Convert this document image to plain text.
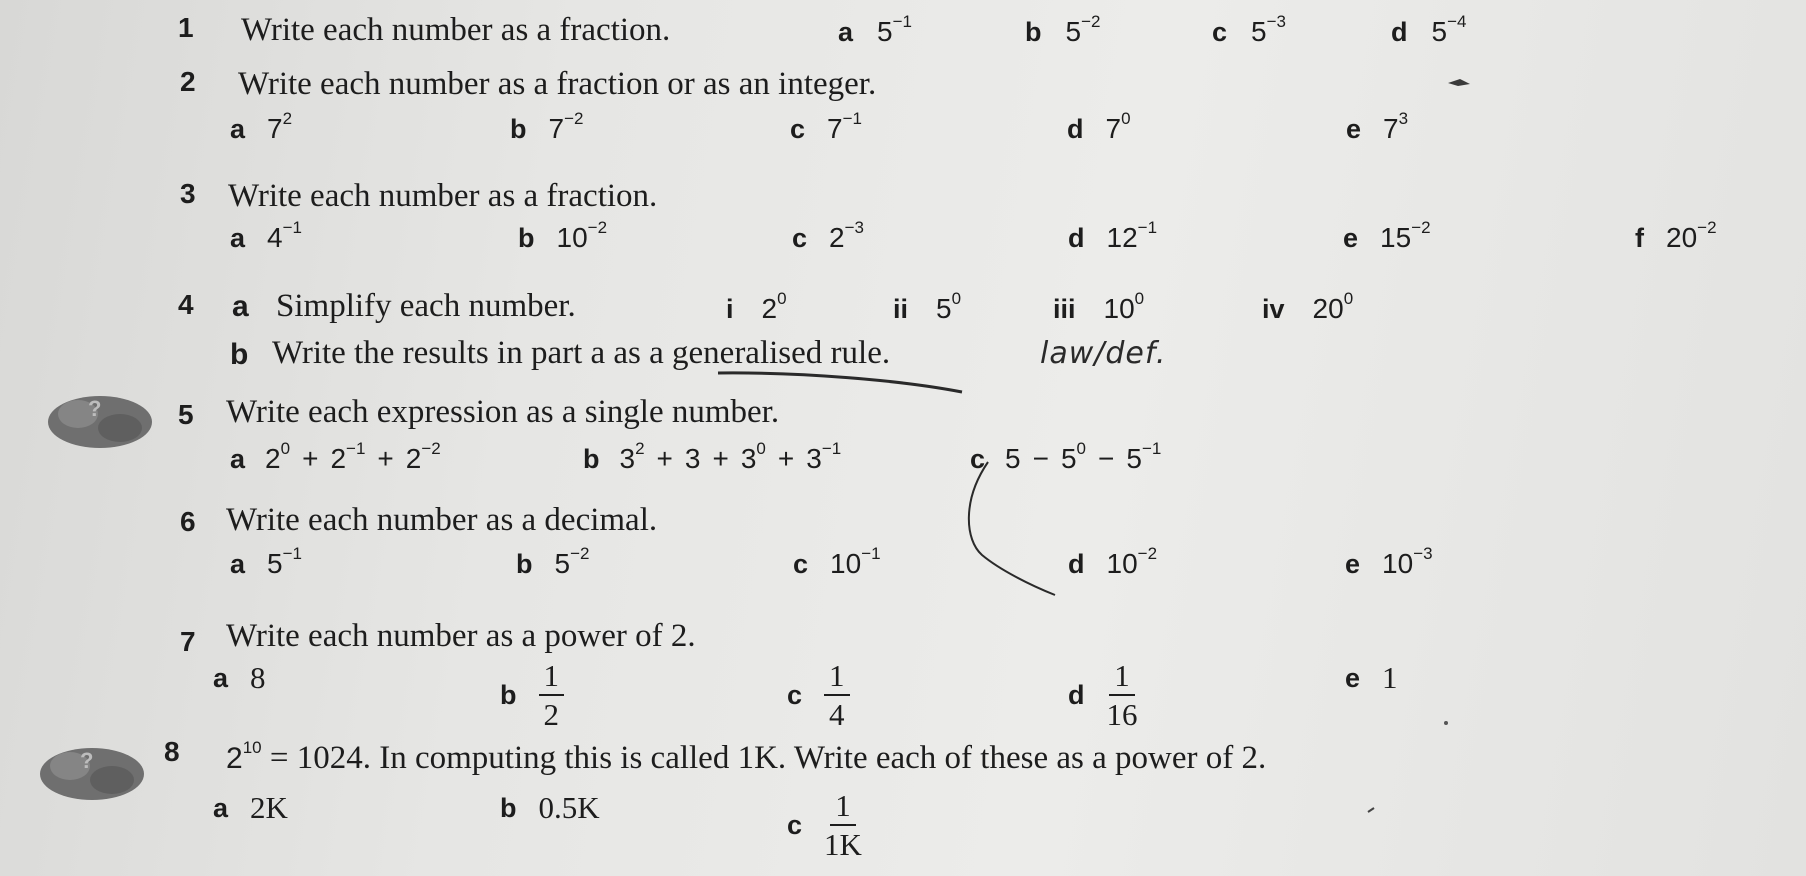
?
?
1 Write each number as a fraction.	a $5^{-1}$	b $5^{-2}$	c $5^{-3}$	d $5^{-4}$
2 Write each number as a fraction or as an integer.
a $7^2$	b $7^{-2}$	c $7^{-1}$	d $7^0$	e $7^3$
3 Write each number as a fraction.
a $4^{-1}$	b $10^{-2}$	c $2^{-3}$	d $12^{-1}$	e $15^{-2}$	f $20^{-2}$
4 a Simplify each number.	i $2^0$	ii $5^0$	iii $10^0$	iv $20^0$
b Write the results in part a as a generalised rule.	law/def.
5 Write each expression as a single number.
a $2^0 + 2^{-1} + 2^{-2}$	b $3^2 + 3 + 3^0 + 3^{-1}$	c $5 - 5^0 - 5^{-1}$
6 Write each number as a decimal.
a $5^{-1}$	b $5^{-2}$	c $10^{-1}$	d $10^{-2}$	e $10^{-3}$
7 Write each number as a power of 2.
a 8	b $\frac{1}{2}$	c $\frac{1}{4}$	d $\frac{1}{16}$	e 1
8 $2^{10} = 1024$. In computing this is called 1K. Write each of these as a power of 2.
a 2K	b 0.5K	c $\frac{1}{1K}$
